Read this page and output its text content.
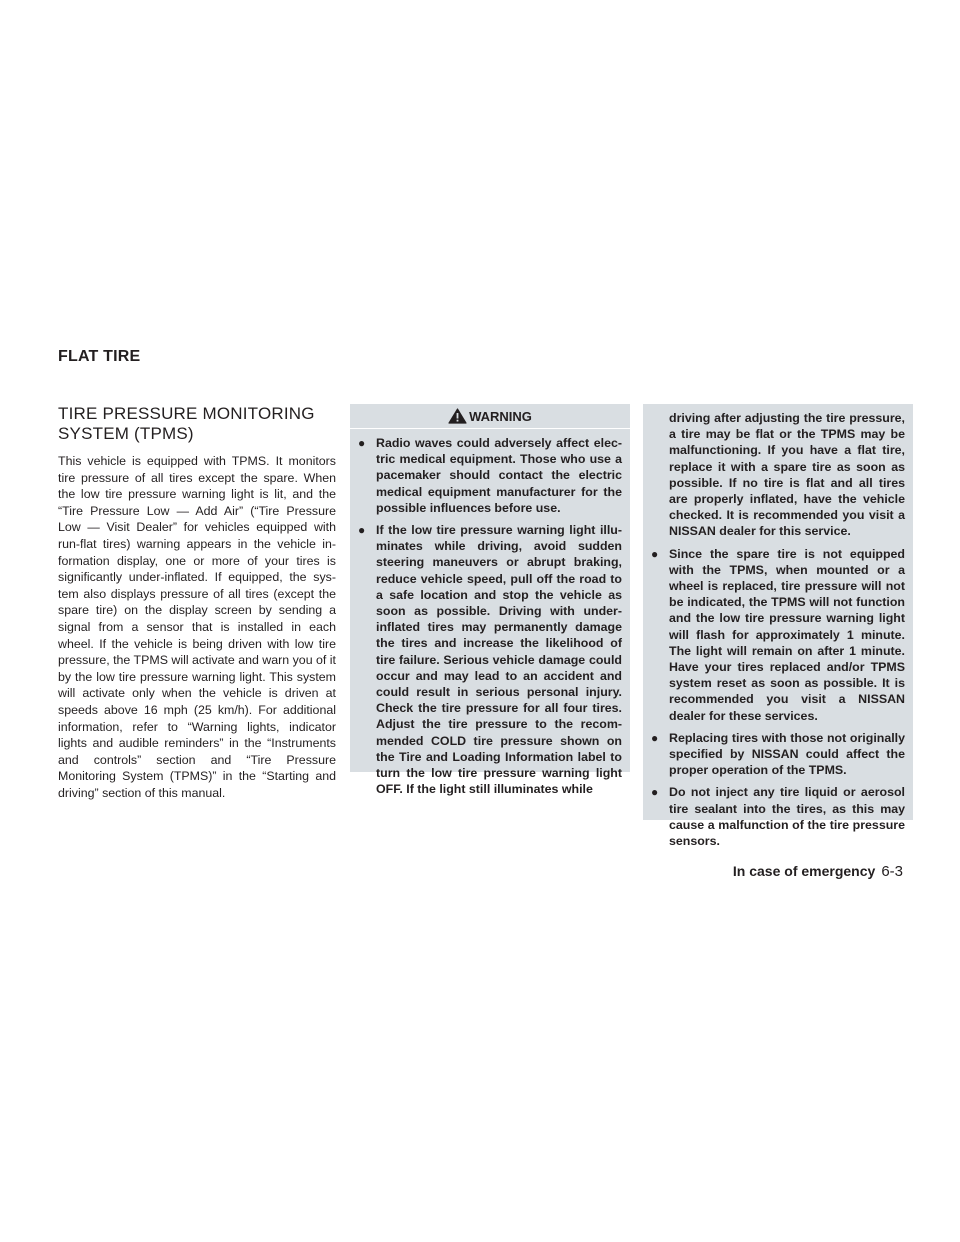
FLAT TIRE
TIRE PRESSURE MONITORING SYSTEM (TPMS)

This vehicle is equipped with TPMS. It monitors tire pressure of all tires except the spare. When the low tire pressure warning light is lit, and the “Tire Pressure Low — Add Air” (“Tire Pressure Low — Visit Dealer” for vehicles equipped with run-flat tires) warning appears in the vehicle information display, one or more of your tires is significantly under-inflated. If equipped, the system also displays pressure of all tires (except the spare tire) on the display screen by sending a signal from a sensor that is installed in each wheel. If the vehicle is being driven with low tire pressure, the TPMS will activate and warn you of it by the low tire pressure warning light. This system will activate only when the vehicle is driven at speeds above 16 mph (25 km/h). For additional information, refer to “Warning lights, indicator lights and audible reminders” in the “Instruments and controls” section and “Tire Pressure Monitoring System (TPMS)” in the “Starting and driving” section of this manual.

WARNING
● Radio waves could adversely affect electric medical equipment. Those who use a pacemaker should contact the electric medical equipment manufacturer for the possible influences before use.
● If the low tire pressure warning light illuminates while driving, avoid sudden steering maneuvers or abrupt braking, reduce vehicle speed, pull off the road to a safe location and stop the vehicle as soon as possible. Driving with under-inflated tires may permanently damage the tires and increase the likelihood of tire failure. Serious vehicle damage could occur and may lead to an accident and could result in serious personal injury. Check the tire pressure for all four tires. Adjust the tire pressure to the recommended COLD tire pressure shown on the Tire and Loading Information label to turn the low tire pressure warning light OFF. If the light still illuminates while

driving after adjusting the tire pressure, a tire may be flat or the TPMS may be malfunctioning. If you have a flat tire, replace it with a spare tire as soon as possible. If no tire is flat and all tires are properly inflated, have the vehicle checked. It is recommended you visit a NISSAN dealer for this service.

● Since the spare tire is not equipped with the TPMS, when mounted or a wheel is replaced, tire pressure will not be indicated, the TPMS will not function and the low tire pressure warning light will flash for approximately 1 minute. The light will remain on after 1 minute. Have your tires replaced and/or TPMS system reset as soon as possible. It is recommended you visit a NISSAN dealer for these services.
● Replacing tires with those not originally specified by NISSAN could affect the proper operation of the TPMS.
● Do not inject any tire liquid or aerosol tire sealant into the tires, as this may cause a malfunction of the tire pressure sensors.
In case of emergency 6-3
